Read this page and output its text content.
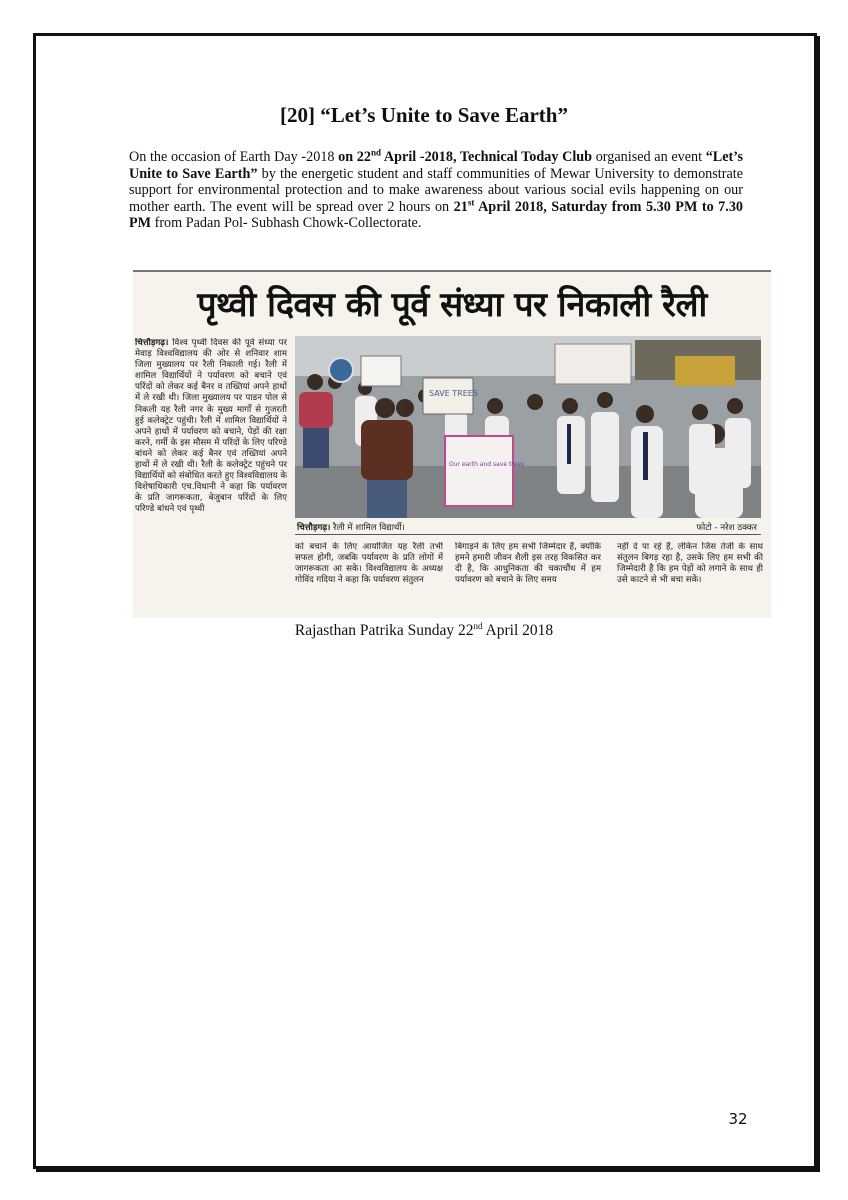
[20] “Let’s Unite to Save Earth”
On the occasion of Earth Day -2018 on 22nd April -2018, Technical Today Club organised an event “Let’s Unite to Save Earth” by the energetic student and staff communities of Mewar University to demonstrate support for environmental protection and to make awareness about various social evils happening on our mother earth. The event will be spread over 2 hours on 21st April 2018, Saturday from 5.30 PM to 7.30 PM from Padan Pol- Subhash Chowk-Collectorate.
पृथ्वी दिवस की पूर्व संध्या पर निकाली रैली
चित्तौड़गढ़। विश्व पृथ्वी दिवस की पूर्व संध्या पर मेवाड़ विश्वविद्यालय की ओर से शनिवार शाम जिला मुख्यालय पर रैली निकाली गई। रैली में शामिल विद्यार्थियों ने पर्यावरण को बचाने एवं परिंदों को लेकर कई बैनर व तख्तियां अपने हाथों में ले रखी थी। जिला मुख्यालय पर पाडन पोल से निकली यह रैली नगर के मुख्य मार्गों से गुजरती हुई कलेक्ट्रेट पहुंची। रैली में शामिल विद्यार्थियों ने अपने हाथों में पर्यावरण को बचाने, पेड़ों की रक्षा करने, गर्मी के इस मौसम में परिंदों के लिए परिण्डे बांधने को लेकर कई बैनर एवं तख्तियां अपने हाथों में ले रखी थी। रैली के कलेक्ट्रेट पहुंचने पर विद्यार्थियों को संबोधित करते हुए विश्वविद्यालय के विशेषाधिकारी एच.विधानी ने कहा कि पर्यावरण के प्रति जागरूकता, बेजुबान परिंदों के लिए परिण्डे बांधने एवं पृथ्वी
SAVE TREES
Our earth and save trees
चित्तौड़गढ़। रैली में शामिल विद्यार्थी।	फोटो - नरेश ठक्कर
को बचाने के लिए आयोजित यह रैली तभी सफल होगी, जबकि पर्यावरण के प्रति लोगों में जागरूकता आ सके। विश्वविद्यालय के अध्यक्ष गोविंद गदिया ने कहा कि पर्यावरण संतुलन
बिगाड़ने के लिए हम सभी जिम्मेदार हैं, क्योंकि हमने हमारी जीवन शैली इस तरह विकसित कर दी है, कि आधुनिकता की चकाचौंध में हम पर्यावरण को बचाने के लिए समय
नहीं दे पा रहे हैं, लेकिन जिस तेजी के साथ संतुलन बिगड़ रहा है, उसके लिए हम सभी की जिम्मेदारी है कि हम पेड़ों को लगाने के साथ ही उसे काटने से भी बचा सकें।
Rajasthan Patrika Sunday 22nd April 2018
32
